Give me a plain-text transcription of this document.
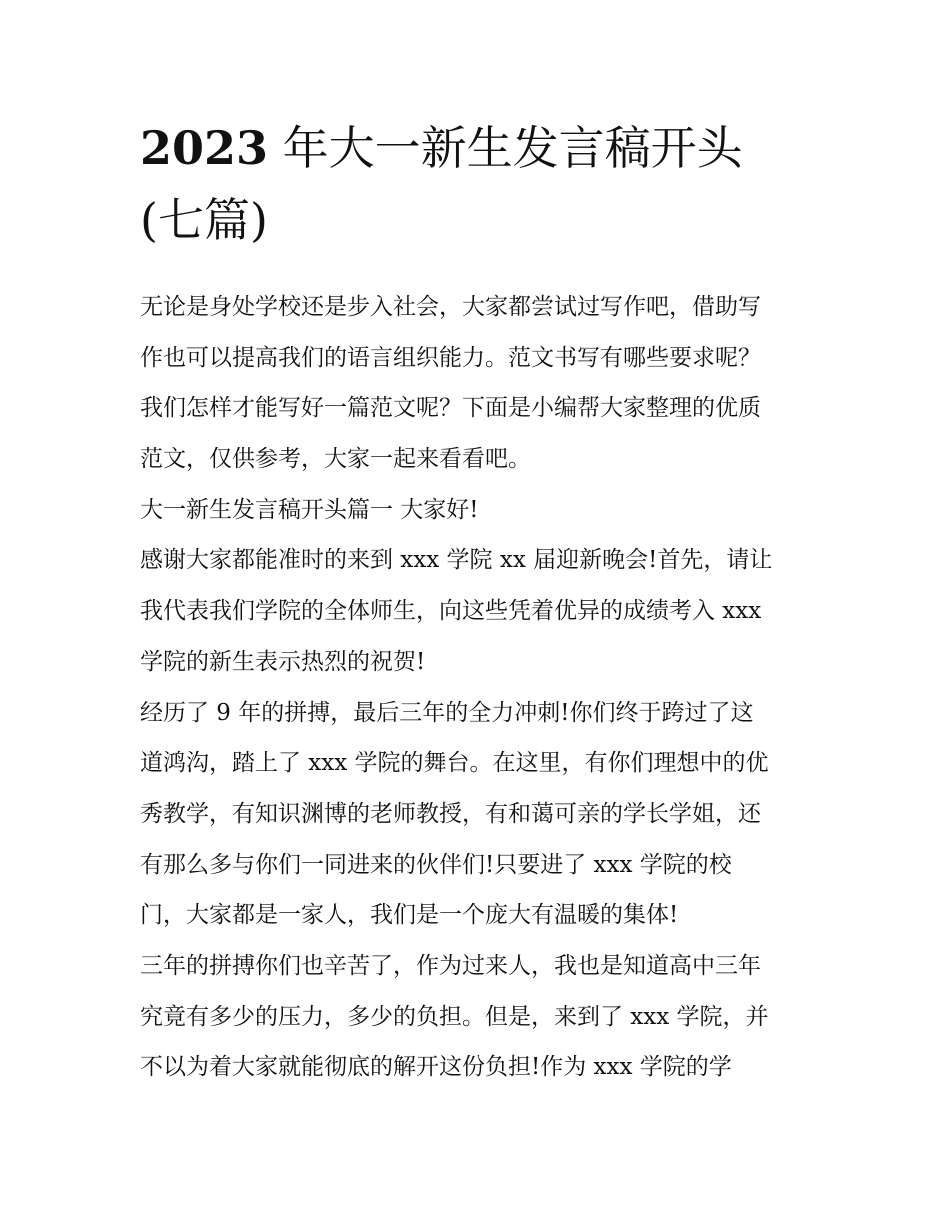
2023 年大一新生发言稿开头
(七篇)
无论是身处学校还是步入社会，大家都尝试过写作吧，借助写
作也可以提高我们的语言组织能力。范文书写有哪些要求呢？
我们怎样才能写好一篇范文呢？下面是小编帮大家整理的优质
范文，仅供参考，大家一起来看看吧。
大一新生发言稿开头篇一 大家好!
感谢大家都能准时的来到 xxx 学院 xx 届迎新晚会!首先，请让
我代表我们学院的全体师生，向这些凭着优异的成绩考入 xxx
学院的新生表示热烈的祝贺!
经历了 9 年的拼搏，最后三年的全力冲刺!你们终于跨过了这
道鸿沟，踏上了 xxx 学院的舞台。在这里，有你们理想中的优
秀教学，有知识渊博的老师教授，有和蔼可亲的学长学姐，还
有那么多与你们一同进来的伙伴们!只要进了 xxx 学院的校
门，大家都是一家人，我们是一个庞大有温暖的集体!
三年的拼搏你们也辛苦了，作为过来人，我也是知道高中三年
究竟有多少的压力，多少的负担。但是，来到了 xxx 学院，并
不以为着大家就能彻底的解开这份负担!作为 xxx 学院的学
